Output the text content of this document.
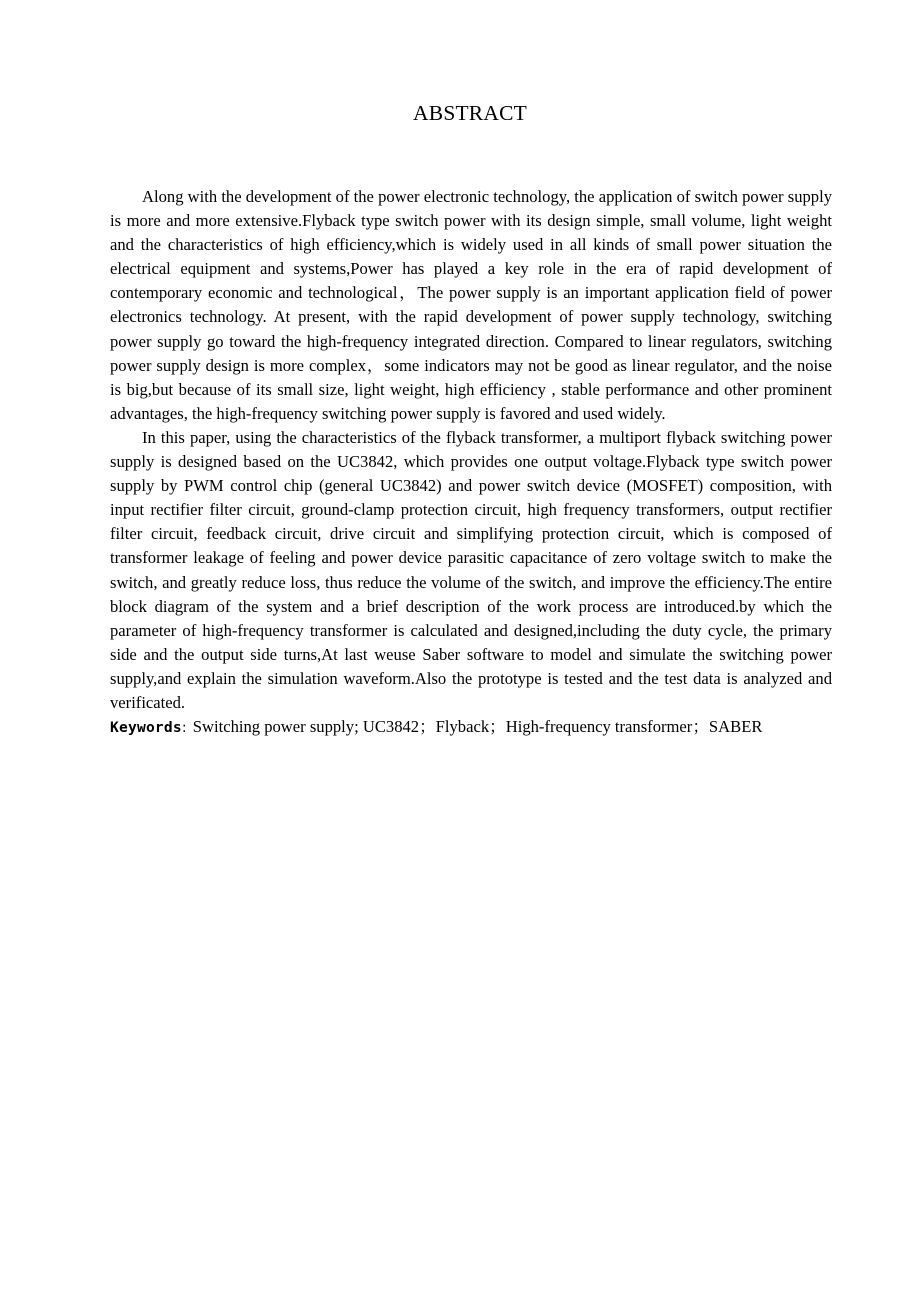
ABSTRACT

Along with the development of the power electronic technology, the application of switch power supply is more and more extensive.Flyback type switch power with its design simple, small volume, light weight and the characteristics of high efficiency,which is widely used in all kinds of small power situation the electrical equipment and systems,Power has played a key role in the era of rapid development of contemporary economic and technological，The power supply is an important application field of power electronics technology. At present, with the rapid development of power supply technology, switching power supply go toward the high-frequency integrated direction. Compared to linear regulators, switching power supply design is more complex，some indicators may not be good as linear regulator, and the noise is big,but because of its small size, light weight, high efficiency , stable performance and other prominent advantages, the high-frequency switching power supply is favored and used widely.

In this paper, using the characteristics of the flyback transformer, a multiport flyback switching power supply is designed based on the UC3842, which provides one output voltage.Flyback type switch power supply by PWM control chip (general UC3842) and power switch device (MOSFET) composition, with input rectifier filter circuit, ground-clamp protection circuit, high frequency transformers, output rectifier filter circuit, feedback circuit, drive circuit and simplifying protection circuit, which is composed of transformer leakage of feeling and power device parasitic capacitance of zero voltage switch to make the switch, and greatly reduce loss, thus reduce the volume of the switch, and improve the efficiency.The entire block diagram of the system and a brief description of the work process are introduced.by which the parameter of high-frequency transformer is calculated and designed,including the duty cycle, the primary side and the output side turns,At last weuse Saber software to model and simulate the switching power supply,and explain the simulation waveform.Also the prototype is tested and the test data is analyzed and verificated.

Keywords: Switching power supply; UC3842；Flyback；High-frequency transformer；SABER
